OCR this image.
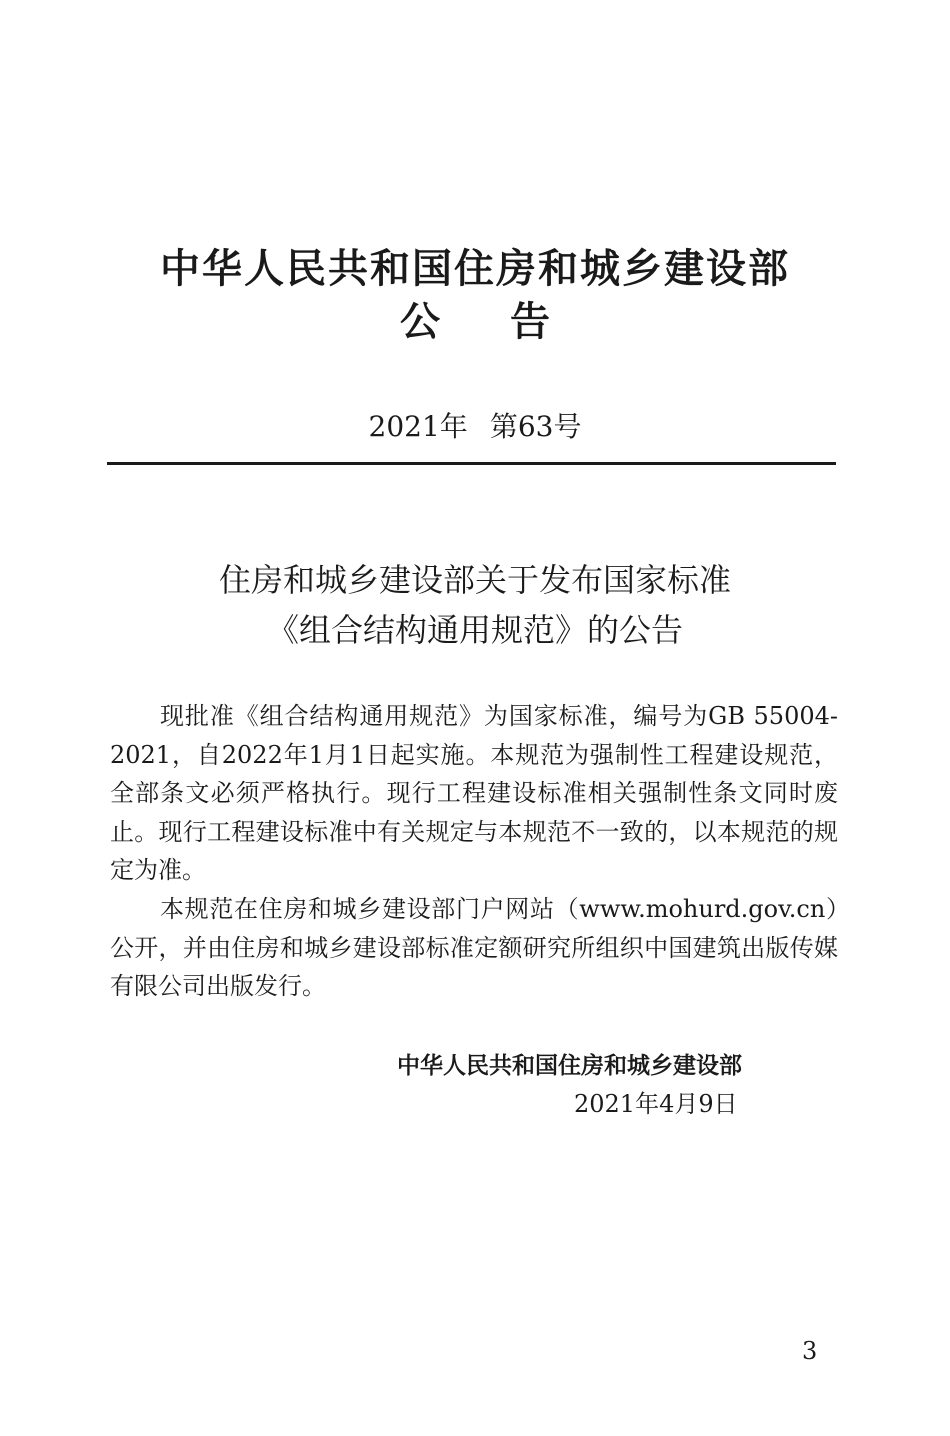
中华人民共和国住房和城乡建设部
公 告
2021年 第63号
住房和城乡建设部关于发布国家标准
《组合结构通用规范》的公告

现批准《组合结构通用规范》为国家标准，编号为GB 55004-2021，自2022年1月1日起实施。本规范为强制性工程建设规范，全部条文必须严格执行。现行工程建设标准相关强制性条文同时废止。现行工程建设标准中有关规定与本规范不一致的，以本规范的规定为准。

本规范在住房和城乡建设部门户网站（www.mohurd.gov.cn）公开，并由住房和城乡建设部标准定额研究所组织中国建筑出版传媒有限公司出版发行。

中华人民共和国住房和城乡建设部
2021年4月9日
3
